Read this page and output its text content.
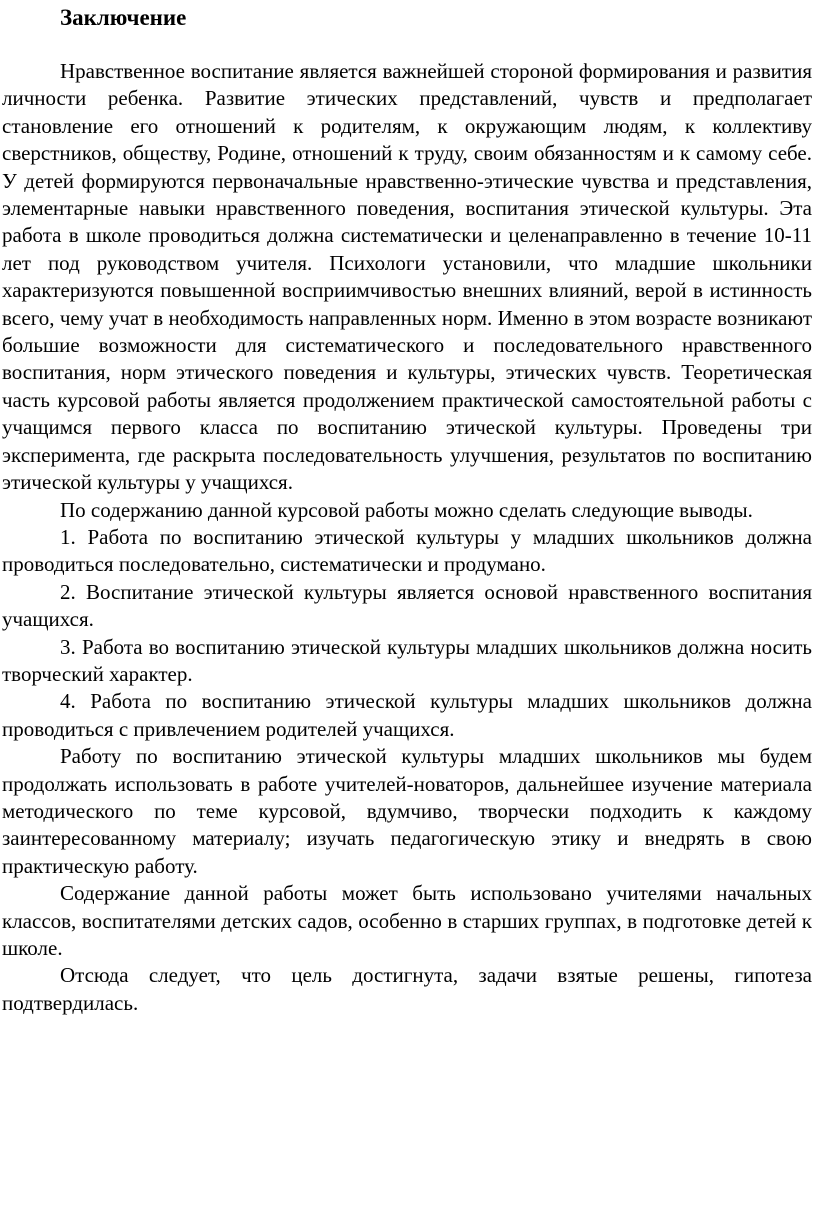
Заключение

Нравственное воспитание является важнейшей стороной формирования и развития личности ребенка. Развитие этических представлений, чувств и предполагает становление его отношений к родителям, к окружающим людям, к коллективу сверстников, обществу, Родине, отношений к труду, своим обязанностям и к самому себе. У детей формируются первоначальные нравственно-этические чувства и представления, элементарные навыки нравственного поведения, воспитания этической культуры. Эта работа в школе проводиться должна систематически и целенаправленно в течение 10-11 лет под руководством учителя. Психологи установили, что младшие школьники характеризуются повышенной восприимчивостью внешних влияний, верой в истинность всего, чему учат в необходимость направленных норм. Именно в этом возрасте возникают большие возможности для систематического и последовательного нравственного воспитания, норм этического поведения и культуры, этических чувств. Теоретическая часть курсовой работы является продолжением практической самостоятельной работы с учащимся первого класса по воспитанию этической культуры. Проведены три эксперимента, где раскрыта последовательность улучшения, результатов по воспитанию этической культуры у учащихся.

По содержанию данной курсовой работы можно сделать следующие выводы.

1. Работа по воспитанию этической культуры у младших школьников должна проводиться последовательно, систематически и продумано.

2. Воспитание этической культуры является основой нравственного воспитания учащихся.

3. Работа во воспитанию этической культуры младших школьников должна носить творческий характер.

4. Работа по воспитанию этической культуры младших школьников должна проводиться с привлечением родителей учащихся.

Работу по воспитанию этической культуры младших школьников мы будем продолжать использовать в работе учителей-новаторов, дальнейшее изучение материала методического по теме курсовой, вдумчиво, творчески подходить к каждому заинтересованному материалу; изучать педагогическую этику и внедрять в свою практическую работу.

Содержание данной работы может быть использовано учителями начальных классов, воспитателями детских садов, особенно в старших группах, в подготовке детей к школе.

Отсюда следует, что цель достигнута, задачи взятые решены, гипотеза подтвердилась.
